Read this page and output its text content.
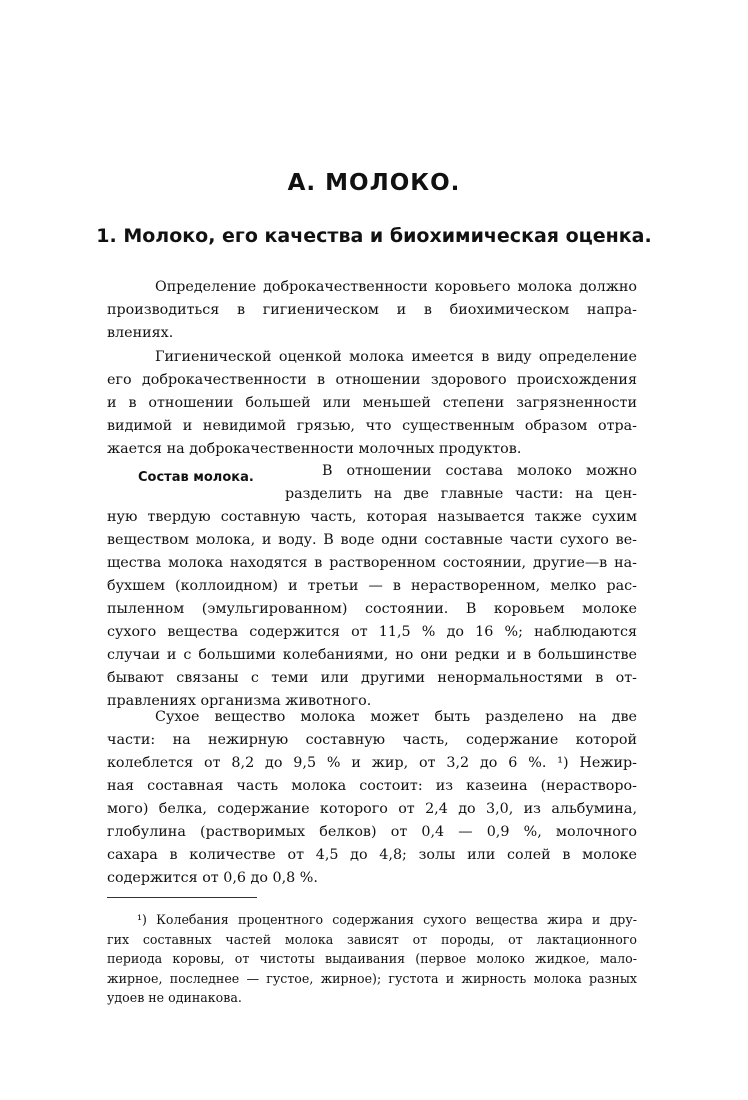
А. МОЛОКО.
1. Молоко, его качества и биохимическая оценка.
Определение доброкачественности коровьего молока должно
производиться в гигиеническом и в биохимическом напра-
влениях.
Гигиенической оценкой молока имеется в виду определение
его доброкачественности в отношении здорового происхождения
и в отношении большей или меньшей степени загрязненности
видимой и невидимой грязью, что существенным образом отра-
жается на доброкачественности молочных продуктов.
Состав молока.	В отношении состава молоко можно
разделить на две главные части: на цен-
ную твердую составную часть, которая называется также сухим
веществом молока, и воду. В воде одни составные части сухого ве-
щества молока находятся в растворенном состоянии, другие—в на-
бухшем (коллоидном) и третьи — в нерастворенном, мелко рас-
пыленном (эмульгированном) состоянии. В коровьем молоке
сухого вещества содержится от 11,5 % до 16 %; наблюдаются
случаи и с большими колебаниями, но они редки и в большинстве
бывают связаны с теми или другими ненормальностями в от-
правлениях организма животного.
Сухое вещество молока может быть разделено на две
части: на нежирную составную часть, содержание которой
колеблется от 8,2 до 9,5 % и жир, от 3,2 до 6 %. ¹) Нежир-
ная составная часть молока состоит: из казеина (нерастворо-
мого) белка, содержание которого от 2,4 до 3,0, из альбумина,
глобулина (растворимых белков) от 0,4 — 0,9 %, молочного
сахара в количестве от 4,5 до 4,8; золы или солей в молоке
содержится от 0,6 до 0,8 %.
¹) Колебания процентного содержания сухого вещества жира и дру-
гих составных частей молока зависят от породы, от лактационного
периода коровы, от чистоты выдаивания (первое молоко жидкое, мало-
жирное, последнее — густое, жирное); густота и жирность молока разных
удоев не одинакова.
